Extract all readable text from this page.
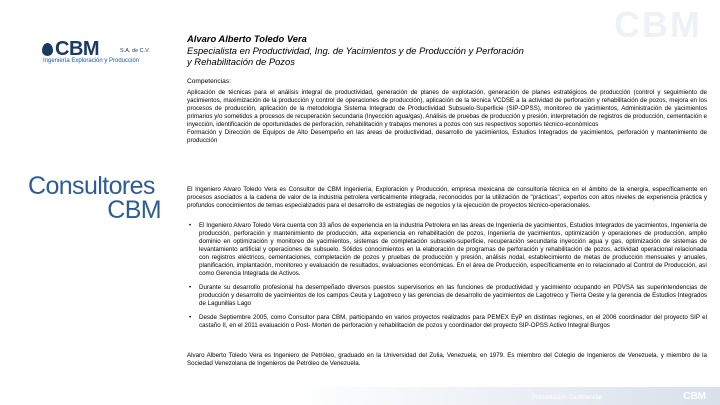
CBM
CBM	S.A. de C.V.
Ingeniería Exploración y Producción
Consultores
CBM
Alvaro Alberto Toledo Vera
Especialista en Productividad, Ing. de Yacimientos y de Producción y Perforación
y Rehabilitación de Pozos
Competencias:
Aplicación de técnicas para el análisis integral de productividad, generación de planes de explotación, generación de planes estratégicos de producción (control y seguimiento de yacimientos, maximización de la producción y control de operaciones de producción), aplicación de la técnica VCDSE a la actividad de perforación y rehabilitación de pozos, mejora en los procesos de producción, aplicación de la metodología Sistema Integrado de Productividad Subsuelo-Superficie (SIP-OPSS), monitoreo de yacimientos, Administración de yacimientos primarios y/o sometidos a procesos de recuperación secundaria (Inyección agua/gas), Análisis de pruebas de producción y presión, interpretación de registros de producción, cementación e inyección, identificación de oportunidades de perforación, rehabilitación y trabajos menores a pozos con sus respectivos soportes técnico-económicos
Formación y Dirección de Equipos de Alto Desempeño en las áreas de productividad, desarrollo de yacimientos, Estudios Integrados de yacimientos, perforación y mantenimiento de producción
El Ingeniero Alvaro Toledo Vera es Consultor de CBM Ingeniería, Exploración y Producción, empresa mexicana de consultoría técnica en el ámbito de la energía, específicamente en procesos asociados a la cadena de valor de la industria petrolera verticalmente integrada, reconocidos por la utilización de "prácticas", expertos con altos niveles de experiencia práctica y profundos conocimientos de temas especializados para el desarrollo de estrategias de negocios y la ejecución de proyectos técnico-operacionales.
• El Ingeniero Alvaro Toledo Vera cuenta con 33 años de experiencia en la industria Petrolera en las áreas de Ingeniería de yacimientos, Estudios Integrados de yacimientos, Ingeniería de producción, perforación y mantenimiento de producción, alta experiencia en rehabilitación de pozos, Ingeniería de yacimientos, optimización y operaciones de producción, amplio dominio en optimización y monitoreo de yacimientos, sistemas de completación subsuelo-superficie, recuperación secundaria inyección agua y gas, optimización de sistemas de levantamiento artificial y operaciones de subsuelo. Sólidos conocimientos en la elaboración de programas de perforación y rehabilitación de pozos, actividad operacional relacionada con registros eléctricos, cementaciones, completación de pozos y pruebas de producción y presión, análisis nodal, establecimiento de metas de producción mensuales y anuales, planificación, implantación, monitoreo y evaluación de resultados, evaluaciones económicas. En el área de Producción, específicamente en lo relacionado al Control de Producción, así como Gerencia Integrada de Activos.
• Durante su desarrollo profesional ha desempeñado diversos puestos supervisorios en las funciones de productividad y yacimiento ocupando en PDVSA las superintendencias de producción y desarrollo de yacimientos de los campos Ceuta y Lagotreco y las gerencias de desarrollo de yacimientos de Lagotreco y Tierra Oeste y la gerencia de Estudios Integrados de Lagunillas Lago
• Desde Septiembre 2005, como Consultor para CBM, participando en varios proyectos realizados para PEMEX EyP en distintas regiones, en el 2006 coordinador del proyecto SIP el castaño II, en el 2011 evaluación o Post- Morten de perforación y rehabilitación de pozos y coordinador del proyecto SIP-OPSS Activo Integral Burgos
Alvaro Alberto Toledo Vera es Ingeniero de Petróleo, graduado en la Universidad del Zulia, Venezuela, en 1979. Es miembro del Colegio de Ingenieros de Venezuela, y miembro de la Sociedad Venezolana de Ingenieros de Petróleo de Venezuela.
Presentación Confidencial	CBM
